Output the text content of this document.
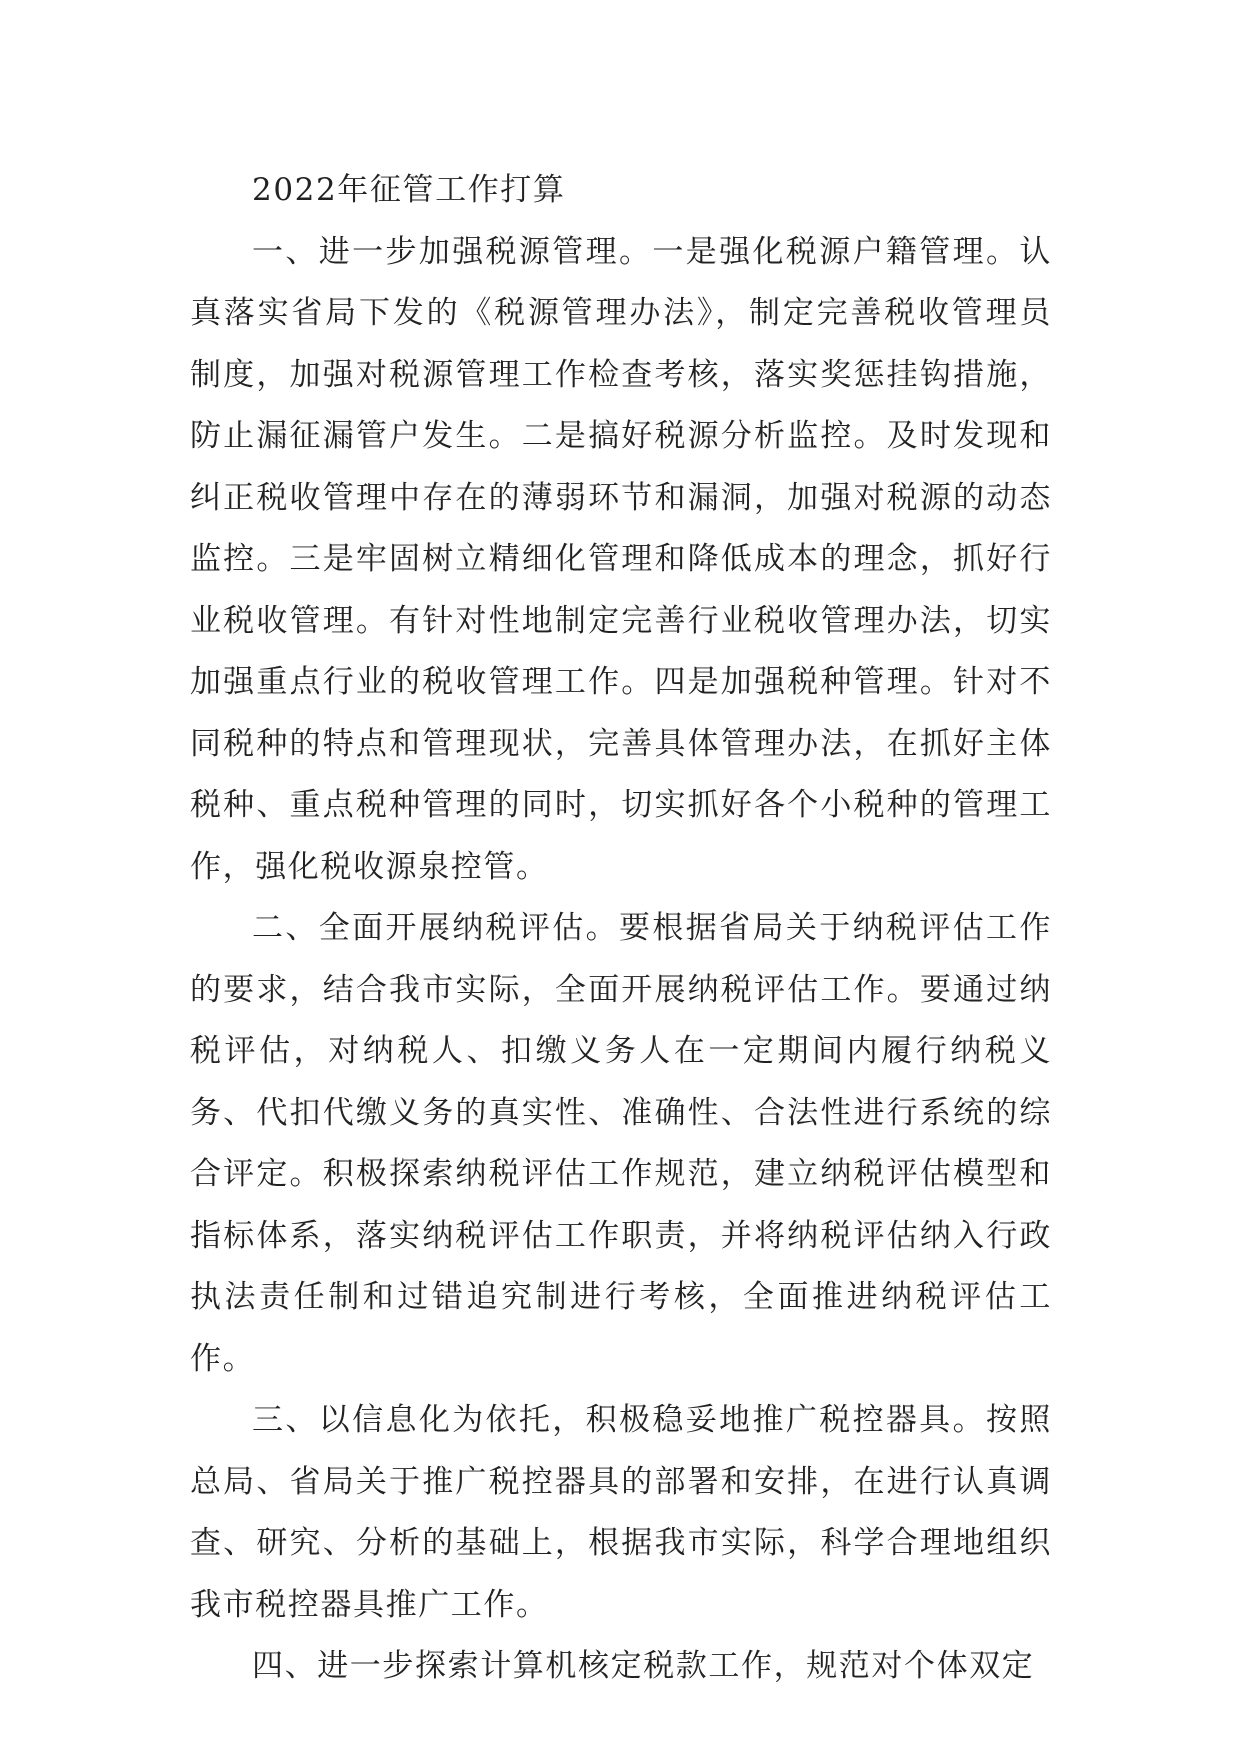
2022年征管工作打算

一、进一步加强税源管理。一是强化税源户籍管理。认真落实省局下发的《税源管理办法》，制定完善税收管理员制度，加强对税源管理工作检查考核，落实奖惩挂钩措施，防止漏征漏管户发生。二是搞好税源分析监控。及时发现和纠正税收管理中存在的薄弱环节和漏洞，加强对税源的动态监控。三是牢固树立精细化管理和降低成本的理念，抓好行业税收管理。有针对性地制定完善行业税收管理办法，切实加强重点行业的税收管理工作。四是加强税种管理。针对不同税种的特点和管理现状，完善具体管理办法，在抓好主体税种、重点税种管理的同时，切实抓好各个小税种的管理工作，强化税收源泉控管。

二、全面开展纳税评估。要根据省局关于纳税评估工作的要求，结合我市实际，全面开展纳税评估工作。要通过纳税评估，对纳税人、扣缴义务人在一定期间内履行纳税义务、代扣代缴义务的真实性、准确性、合法性进行系统的综合评定。积极探索纳税评估工作规范，建立纳税评估模型和指标体系，落实纳税评估工作职责，并将纳税评估纳入行政执法责任制和过错追究制进行考核，全面推进纳税评估工作。

三、以信息化为依托，积极稳妥地推广税控器具。按照总局、省局关于推广税控器具的部署和安排，在进行认真调查、研究、分析的基础上，根据我市实际，科学合理地组织我市税控器具推广工作。

四、进一步探索计算机核定税款工作，规范对个体双定
